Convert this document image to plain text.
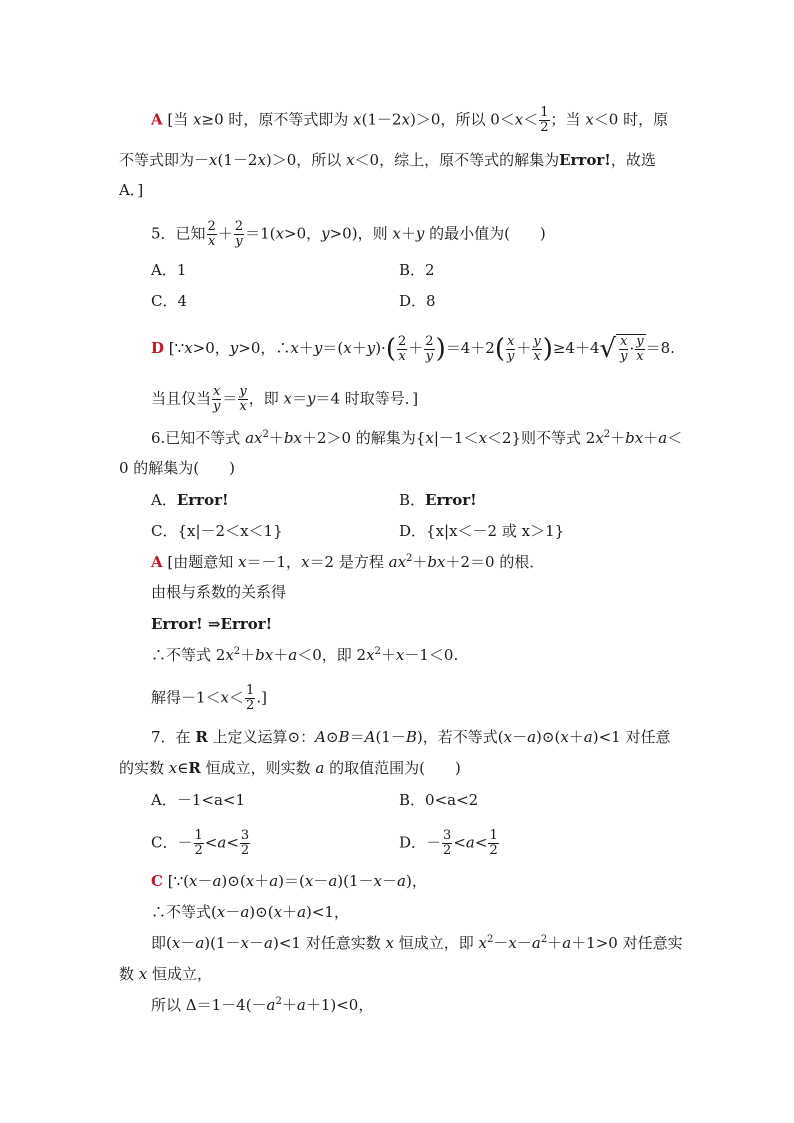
A [当 x≥0 时，原不等式即为 x(1－2x)＞0，所以 $0<x< \frac{1}{2}$ ；当 x＜0 时，原
不等式即为－x(1－2x)＞0，所以 x＜0，综上，原不等式的解集为Error!，故选
A．]
5．已知 $\frac{2}{x} + \frac{2}{y} =1(x>0$，y>0)，则 x＋y 的最小值为(　　)
A．1	B．2
C．4	D．8
D [∵x>0，y>0，∴x＋y＝(x＋y)·( $\frac{2}{x} + \frac{2}{y} )=4+2( \frac{x}{y} + \frac{y}{x} )\ge 4+4√ \frac{x}{y} \cdot \frac{y}{x} =8$.
当且仅当 $\frac{x}{y} = \frac{y}{x}$ ，即 x＝y＝4 时取等号．]
6.已知不等式 $ax^2+bx+2>0$ 的解集为{x|－1＜x＜2}则不等式 $2x^2+bx+a<$
0 的解集为(　　)
A．Error!	B．Error!
C．{x|－2＜x＜1}	D．{x|x＜－2 或 x＞1}
A [由题意知 x＝－1，x＝2 是方程 $ax^2+bx+2=0$ 的根．
由根与系数的关系得
Error! ⇒Error!
∴不等式 $2x^2+bx+a<0$，即 $2x^2+x-1<0$.
解得$-1<x< \frac{1}{2}$ .]
7．在 R 上定义运算⊙：A⊙B＝A(1－B)，若不等式(x－a)⊙(x＋a)<1 对任意
的实数 x∈R 恒成立，则实数 a 的取值范围为(　　)
A．－1<a<1	B．0<a<2
C．－ $\frac{1}{2} <a< \frac{3}{2}$	D．－ $\frac{3}{2} <a< \frac{1}{2}$
C [∵(x－a)⊙(x＋a)＝(x－a)(1－x－a)，
∴不等式(x－a)⊙(x＋a)<1，
即(x－a)(1－x－a)<1 对任意实数 x 恒成立，即 $x^2-x-a^2+a+1>0$ 对任意实
数 x 恒成立，
所以 $\Delta=1-4(-a^2+a+1)<0$，
